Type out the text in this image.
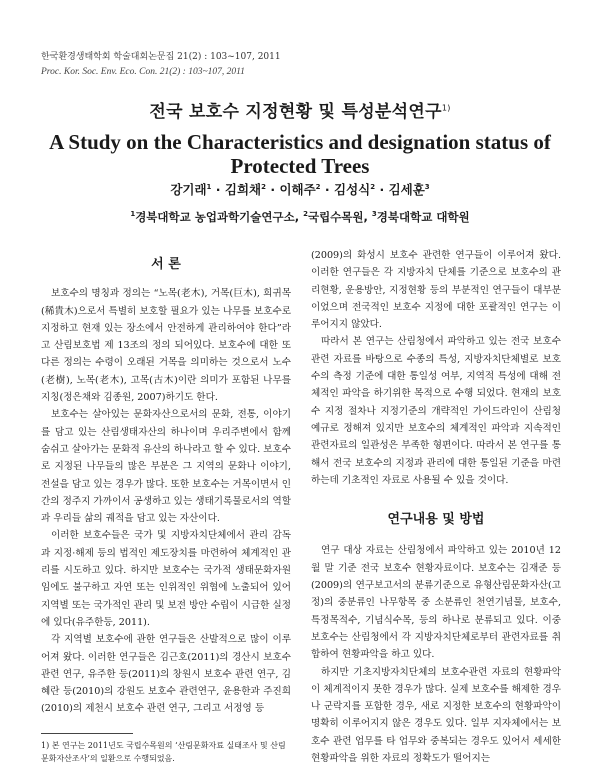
한국환경생태학회 학술대회논문집 21(2) : 103~107, 2011
Proc. Kor. Soc. Env. Eco. Con. 21(2) : 103~107, 2011
전국 보호수 지정현황 및 특성분석연구$^{1)}$
A Study on the Characteristics and designation status of Protected Trees
강기래$^1$ · 김희채$^2$ · 이해주$^2$ · 김성식$^2$ · 김세훈$^3$
$^1$경북대학교 농업과학기술연구소, $^2$국립수목원, $^3$경북대학교 대학원
서 론

보호수의 명칭과 정의는 “노목(老木), 거목(巨木), 희귀목(稀貴木)으로서 특별히 보호할 필요가 있는 나무를 보호수로 지정하고 현재 있는 장소에서 안전하게 관리하여야 한다”라고 산림보호법 제 13조의 정의 되어있다. 보호수에 대한 또 다른 정의는 수령이 오래된 거목을 의미하는 것으로서 노수(老樹), 노목(老木), 고목(古木)이란 의미가 포함된 나무를 지칭(정은채와 김종원, 2007)하기도 한다.

보호수는 살아있는 문화자산으로서의 문화, 전통, 이야기를 담고 있는 산림생태자산의 하나이며 우리주변에서 함께 숨쉬고 살아가는 문화적 유산의 하나라고 할 수 있다. 보호수로 지정된 나무들의 많은 부분은 그 지역의 문화나 이야기, 전설을 담고 있는 경우가 많다. 또한 보호수는 거목이면서 인간의 정주지 가까이서 공생하고 있는 생태기록물로서의 역할과 우리들 삶의 궤적을 담고 있는 자산이다.

이러한 보호수들은 국가 및 지방자치단체에서 관리 감독과 지정·해제 등의 법적인 제도장치를 마련하여 체계적인 관리를 시도하고 있다. 하지만 보호수는 국가적 생태문화자원임에도 불구하고 자연 또는 인위적인 위협에 노출되어 있어 지역별 또는 국가적인 관리 및 보전 방안 수립이 시급한 실정에 있다(유주한등, 2011).

각 지역별 보호수에 관한 연구들은 산발적으로 많이 이루어져 왔다. 이러한 연구들은 김근호(2011)의 경산시 보호수 관련 연구, 유주한 등(2011)의 창원시 보호수 관련 연구, 김혜란 등(2010)의 강원도 보호수 관련연구, 윤용한과 주진희(2010)의 제천시 보호수 관련 연구, 그리고 서정영 등

(2009)의 화성시 보호수 관련한 연구들이 이루어져 왔다. 이러한 연구들은 각 지방자치 단체를 기준으로 보호수의 관리현황, 운용방안, 지정현황 등의 부분적인 연구들이 대부분이었으며 전국적인 보호수 지정에 대한 포괄적인 연구는 이루어지지 않았다.

따라서 본 연구는 산림청에서 파악하고 있는 전국 보호수관련 자료를 바탕으로 수종의 특성, 지방자치단체별로 보호수의 측정 기준에 대한 통일성 여부, 지역적 특성에 대해 전체적인 파악을 하기위한 목적으로 수행 되었다. 현재의 보호수 지정 절차나 지정기준의 개략적인 가이드라인이 산림청 예규로 정해져 있지만 보호수의 체계적인 파악과 지속적인 관련자료의 일관성은 부족한 형편이다. 따라서 본 연구를 통해서 전국 보호수의 지정과 관리에 대한 통일된 기준을 마련하는데 기초적인 자료로 사용될 수 있을 것이다.

연구내용 및 방법

연구 대상 자료는 산림청에서 파악하고 있는 2010년 12월 말 기준 전국 보호수 현황자료이다. 보호수는 김재준 등(2009)의 연구보고서의 분류기준으로 유형산림문화자산(고정)의 중분류인 나무항목 중 소분류인 천연기념물, 보호수, 특정목적수, 기념식수목, 등의 하나로 분류되고 있다. 이중 보호수는 산림청에서 각 지방자치단체로부터 관련자료를 취합하여 현황파악을 하고 있다.

하지만 기초지방자치단체의 보호수관련 자료의 현황파악이 체계적이지 못한 경우가 많다. 실제 보호수를 해제한 경우나 군락지를 포함한 경우, 새로 지정한 보호수의 현황파악이 명확히 이루어지지 않은 경우도 있다. 일부 지자체에서는 보호수 관련 업무를 타 업무와 중복되는 경우도 있어서 세세한 현황파악을 위한 자료의 정확도가 떨어지는

1) 본 연구는 2011년도 국립수목원의 ‘산림문화자료 실태조사 및 산림문화자산조사’의 일환으로 수행되었음.
